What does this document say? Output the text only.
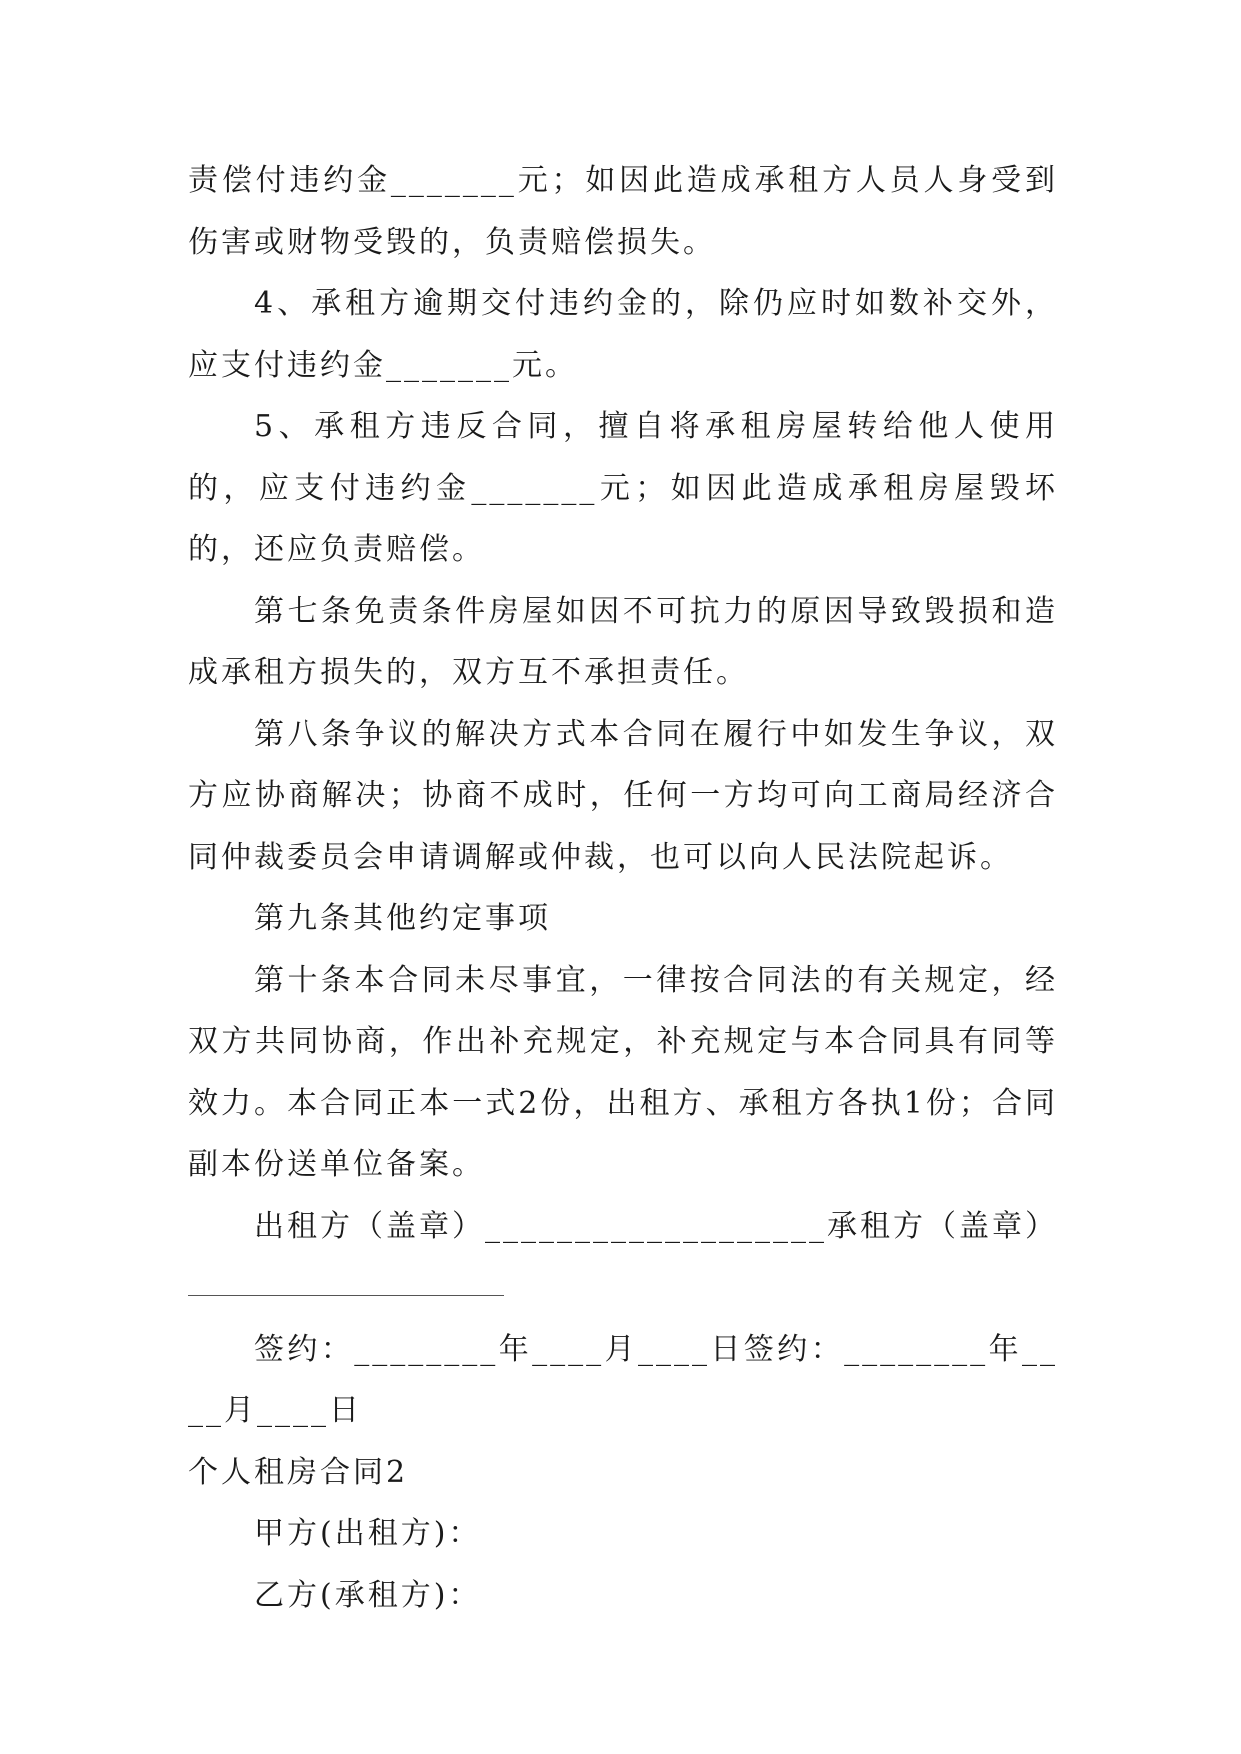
责偿付违约金_______元；如因此造成承租方人员人身受到伤害或财物受毁的，负责赔偿损失。

4、承租方逾期交付违约金的，除仍应时如数补交外，应支付违约金_______元。

5、承租方违反合同，擅自将承租房屋转给他人使用的，应支付违约金_______元；如因此造成承租房屋毁坏的，还应负责赔偿。

第七条免责条件房屋如因不可抗力的原因导致毁损和造成承租方损失的，双方互不承担责任。

第八条争议的解决方式本合同在履行中如发生争议，双方应协商解决；协商不成时，任何一方均可向工商局经济合同仲裁委员会申请调解或仲裁，也可以向人民法院起诉。

第九条其他约定事项

第十条本合同未尽事宜，一律按合同法的有关规定，经双方共同协商，作出补充规定，补充规定与本合同具有同等效力。本合同正本一式2份，出租方、承租方各执1份；合同副本份送单位备案。

出租方（盖章）___________________承租方（盖章）

签约：________年____月____日签约：________年____月____日

个人租房合同2

甲方(出租方)：

乙方(承租方)：
